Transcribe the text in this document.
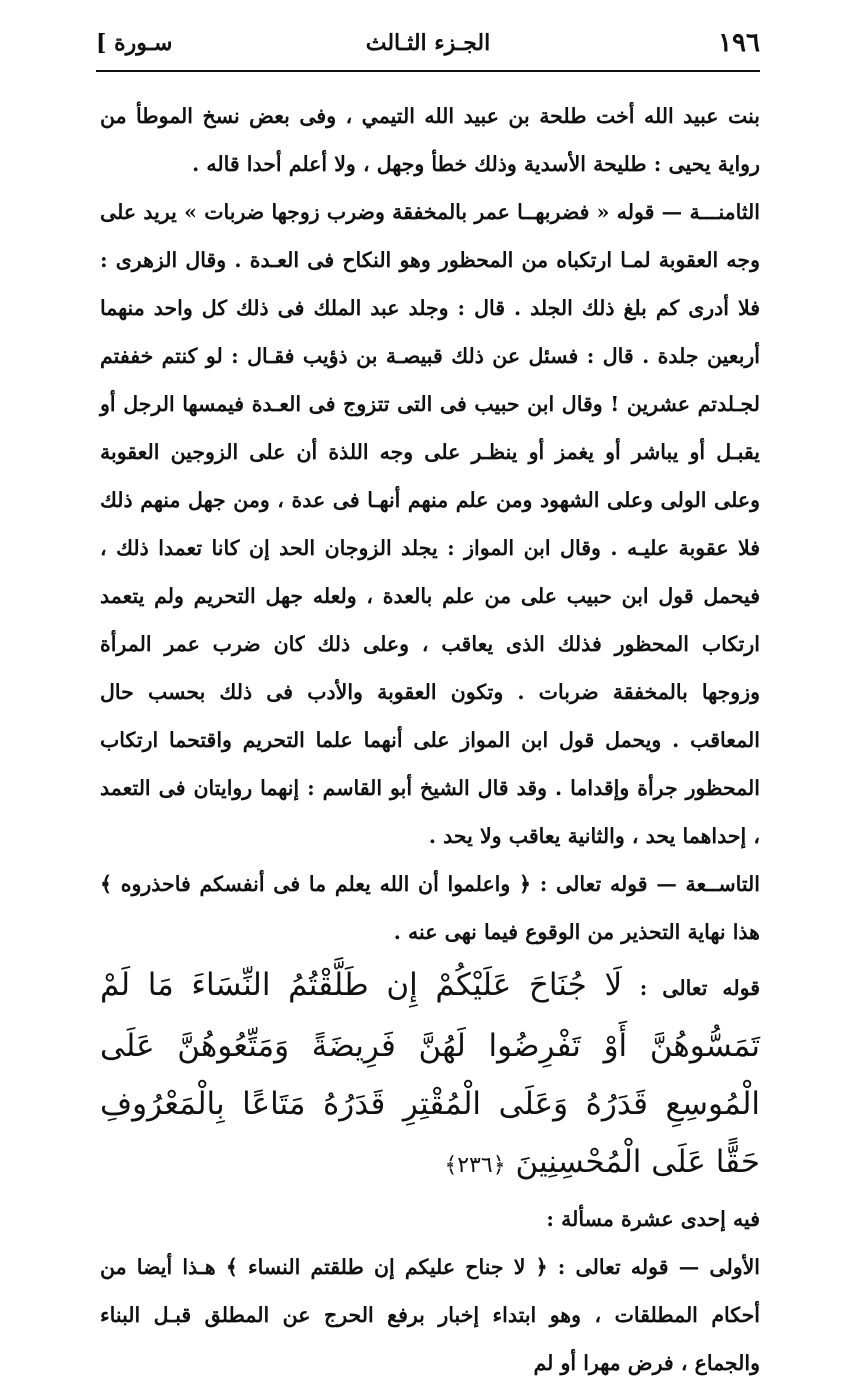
١٩٦
الجـزء الثـالث
سـورة ]

بنت عبيد الله أخت طلحة بن عبيد الله التيمي ، وفى بعض نسخ الموطأ من رواية يحيى : طليحة الأسدية وذلك خطأ وجهل ، ولا أعلم أحدا قاله .

الثامنـــة — قوله « فضربهــا عمر بالمخفقة وضرب زوجها ضربات » يريد على وجه العقوبة لمـا ارتكباه من المحظور وهو النكاح فى العـدة . وقال الزهرى : فلا أدرى كم بلغ ذلك الجلد . قال : وجلد عبد الملك فى ذلك كل واحد منهما أربعين جلدة . قال : فسئل عن ذلك قبيصـة بن ذؤيب فقـال : لو كنتم خففتم لجـلدتم عشرين ! وقال ابن حبيب فى التى تتزوج فى العـدة فيمسها الرجل أو يقبـل أو يباشر أو يغمز أو ينظـر على وجه اللذة أن على الزوجين العقوبة وعلى الولى وعلى الشهود ومن علم منهم أنهـا فى عدة ، ومن جهل منهم ذلك فلا عقوبة عليـه . وقال ابن المواز : يجلد الزوجان الحد إن كانا تعمدا ذلك ، فيحمل قول ابن حبيب على من علم بالعدة ، ولعله جهل التحريم ولم يتعمد ارتكاب المحظور فذلك الذى يعاقب ، وعلى ذلك كان ضرب عمر المرأة وزوجها بالمخفقة ضربات . وتكون العقوبة والأدب فى ذلك بحسب حال المعاقب . ويحمل قول ابن المواز على أنهما علما التحريم واقتحما ارتكاب المحظور جرأة وإقداما . وقد قال الشيخ أبو القاسم : إنهما روايتان فى التعمد ، إحداهما يحد ، والثانية يعاقب ولا يحد .

التاســعة — قوله تعالى : ﴿ واعلموا أن الله يعلم ما فى أنفسكم فاحذروه ﴾ هذا نهاية التحذير من الوقوع فيما نهى عنه .

قوله تعالى : لَا جُنَاحَ عَلَيْكُمْ إِن طَلَّقْتُمُ النِّسَاءَ مَا لَمْ تَمَسُّوهُنَّ أَوْ تَفْرِضُوا لَهُنَّ فَرِيضَةً وَمَتِّعُوهُنَّ عَلَى الْمُوسِعِ قَدَرُهُ وَعَلَى الْمُقْتِرِ قَدَرُهُ مَتَاعًا بِالْمَعْرُوفِ حَقًّا عَلَى الْمُحْسِنِينَ ﴿٢٣٦﴾

فيه إحدى عشرة مسألة :

الأولى — قوله تعالى : ﴿ لا جناح عليكم إن طلقتم النساء ﴾ هـذا أيضا من أحكام المطلقات ، وهو ابتداء إخبار برفع الحرج عن المطلق قبـل البناء والجماع ، فرض مهرا أو لم
